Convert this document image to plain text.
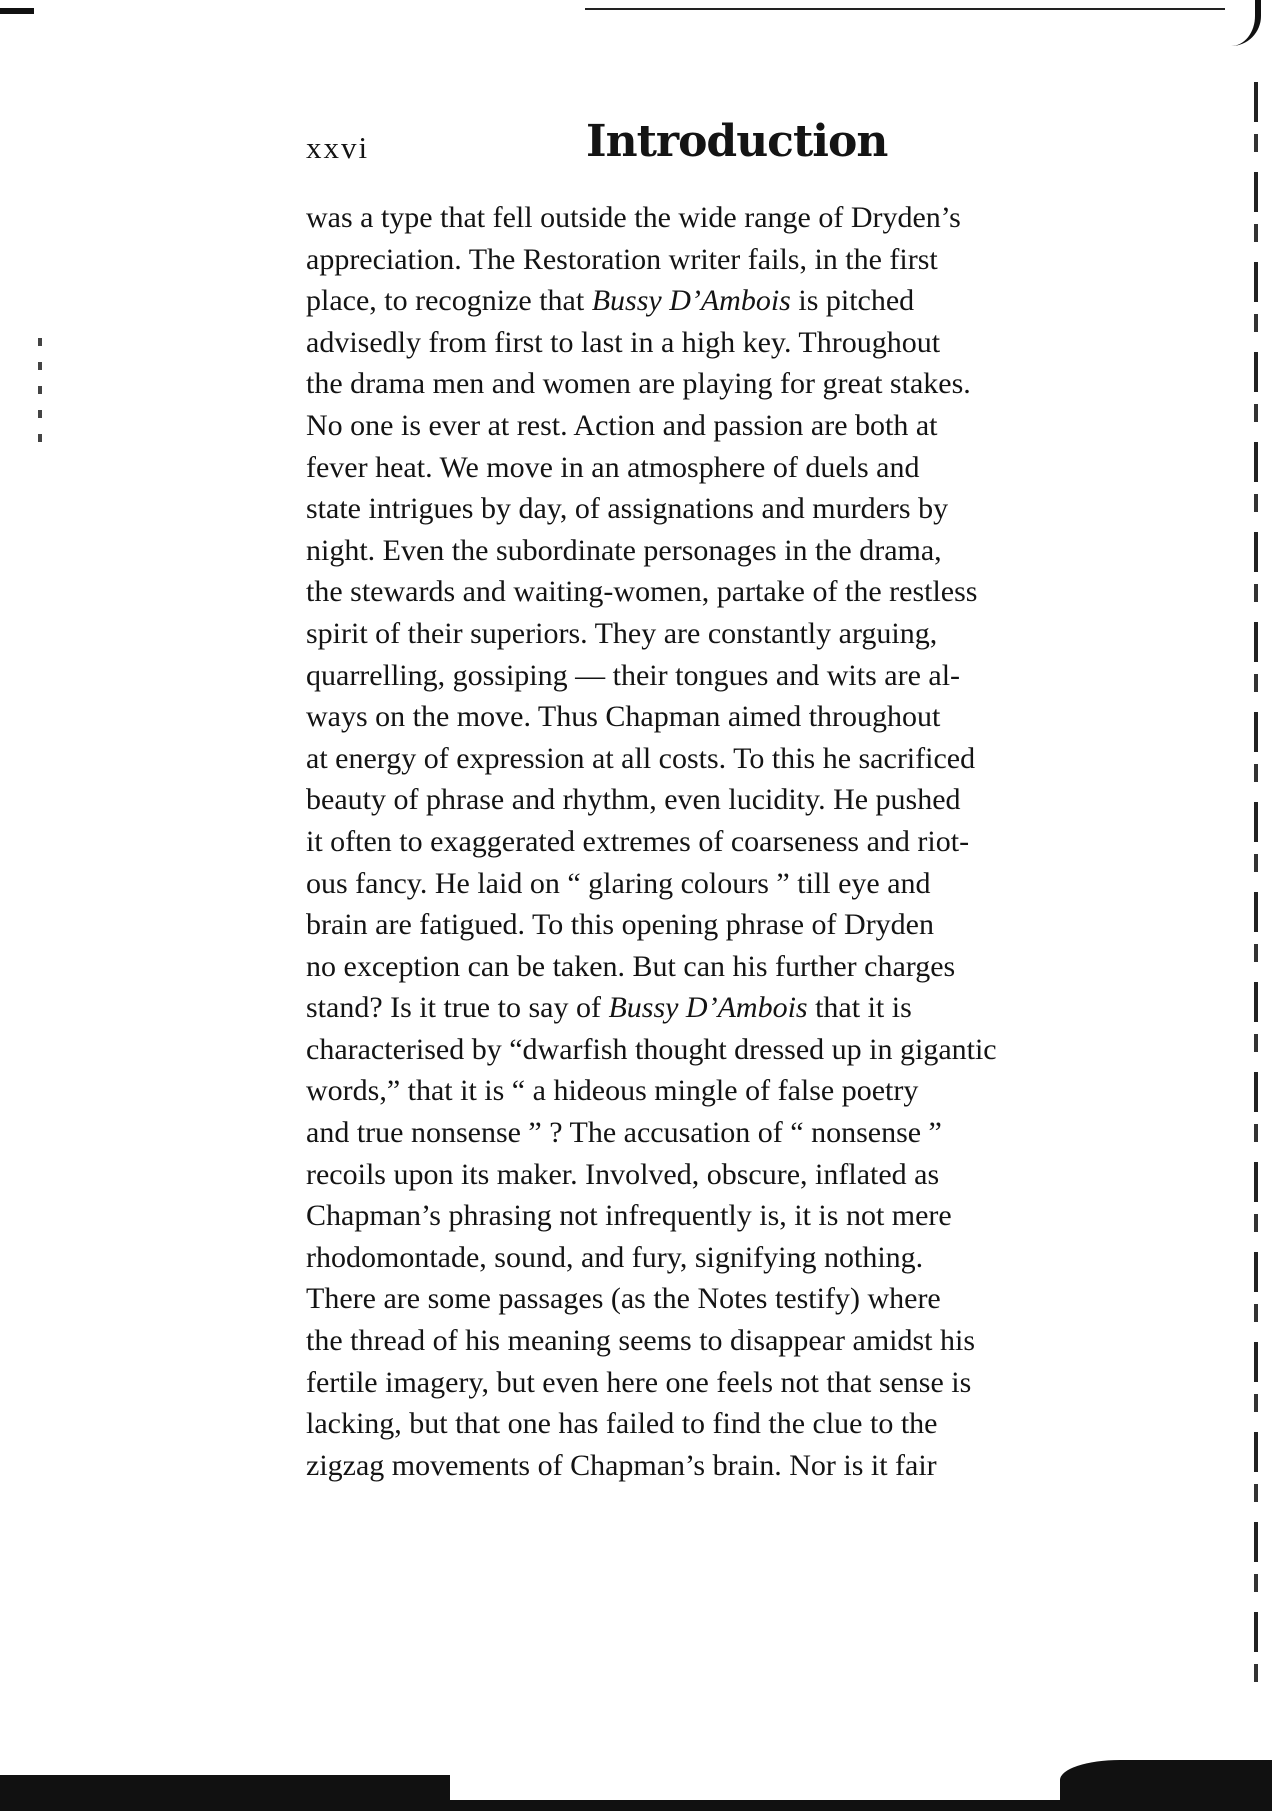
xxvi	Introduction
was a type that fell outside the wide range of Dryden’s
appreciation. The Restoration writer fails, in the first
place, to recognize that Bussy D’Ambois is pitched
advisedly from first to last in a high key. Throughout
the drama men and women are playing for great stakes.
No one is ever at rest. Action and passion are both at
fever heat. We move in an atmosphere of duels and
state intrigues by day, of assignations and murders by
night. Even the subordinate personages in the drama,
the stewards and waiting-women, partake of the restless
spirit of their superiors. They are constantly arguing,
quarrelling, gossiping — their tongues and wits are al-
ways on the move. Thus Chapman aimed throughout
at energy of expression at all costs. To this he sacrificed
beauty of phrase and rhythm, even lucidity. He pushed
it often to exaggerated extremes of coarseness and riot-
ous fancy. He laid on “ glaring colours ” till eye and
brain are fatigued. To this opening phrase of Dryden
no exception can be taken. But can his further charges
stand? Is it true to say of Bussy D’Ambois that it is
characterised by “dwarfish thought dressed up in gigantic
words,” that it is “ a hideous mingle of false poetry
and true nonsense ” ? The accusation of “ nonsense ”
recoils upon its maker. Involved, obscure, inflated as
Chapman’s phrasing not infrequently is, it is not mere
rhodomontade, sound, and fury, signifying nothing.
There are some passages (as the Notes testify) where
the thread of his meaning seems to disappear amidst his
fertile imagery, but even here one feels not that sense is
lacking, but that one has failed to find the clue to the
zigzag movements of Chapman’s brain. Nor is it fair
